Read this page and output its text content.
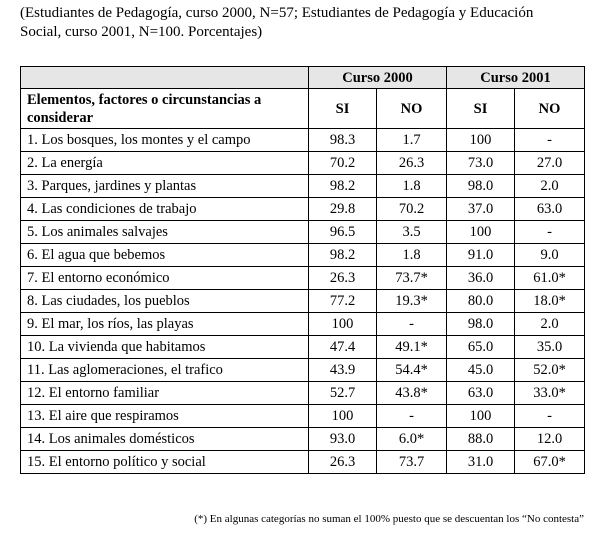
(Estudiantes de Pedagogía, curso 2000, N=57; Estudiantes de Pedagogía y Educación
Social, curso 2001, N=100. Porcentajes)
	Curso 2000		Curso 2001	
Elementos, factores o circunstancias a considerar	SI	NO	SI	NO
1. Los bosques, los montes y el campo	98.3	1.7	100	-
2. La energía	70.2	26.3	73.0	27.0
3. Parques, jardines y plantas	98.2	1.8	98.0	2.0
4. Las condiciones de trabajo	29.8	70.2	37.0	63.0
5. Los animales salvajes	96.5	3.5	100	-
6. El agua que bebemos	98.2	1.8	91.0	9.0
7. El entorno económico	26.3	73.7*	36.0	61.0*
8. Las ciudades, los pueblos	77.2	19.3*	80.0	18.0*
9. El mar, los ríos, las playas	100	-	98.0	2.0
10. La vivienda que habitamos	47.4	49.1*	65.0	35.0
11. Las aglomeraciones, el trafico	43.9	54.4*	45.0	52.0*
12. El entorno familiar	52.7	43.8*	63.0	33.0*
13. El aire que respiramos	100	-	100	-
14. Los animales domésticos	93.0	6.0*	88.0	12.0
15. El entorno político y social	26.3	73.7	31.0	67.0*
(*) En algunas categorías no suman el 100% puesto que se descuentan los “No contesta”
